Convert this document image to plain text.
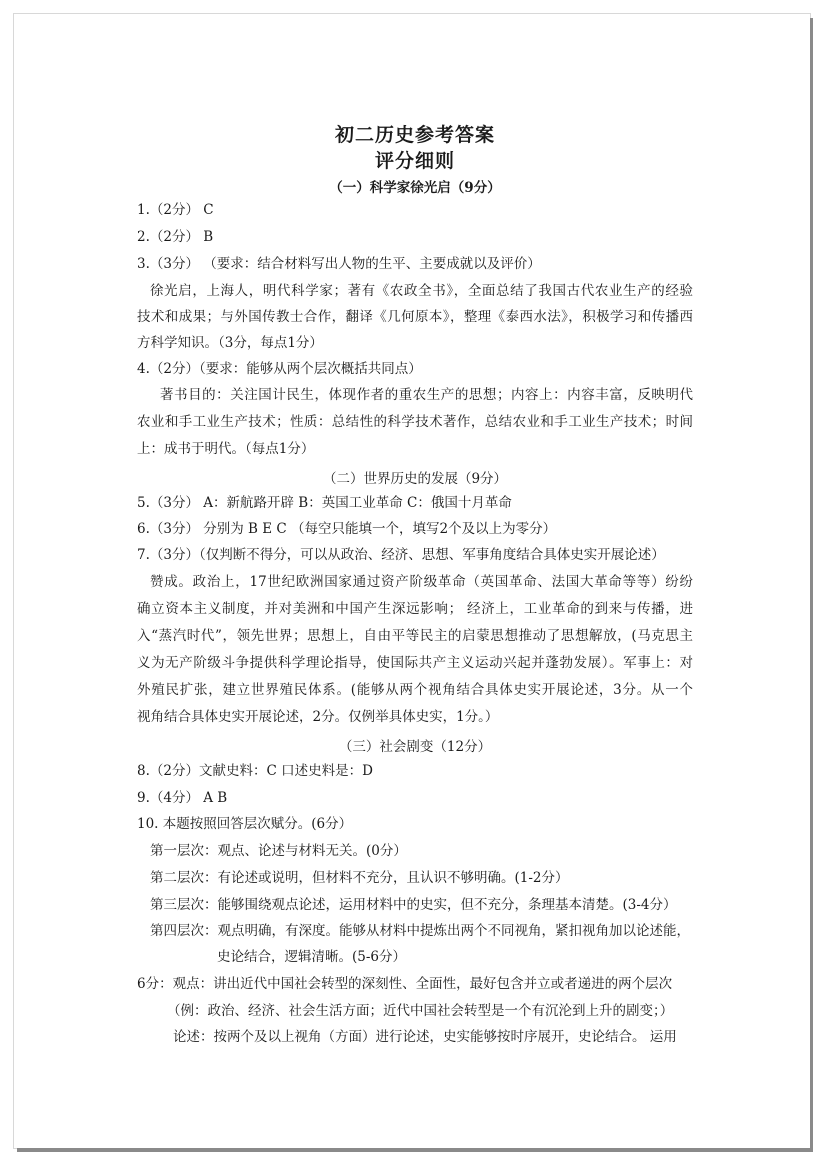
初二历史参考答案
评分细则
（一）科学家徐光启（9分）
1.（2分） C
2.（2分） B
3.（3分） （要求：结合材料写出人物的生平、主要成就以及评价）
徐光启，上海人，明代科学家；著有《农政全书》，全面总结了我国古代农业生产的经验
技术和成果；与外国传教士合作，翻译《几何原本》，整理《泰西水法》，积极学习和传播西
方科学知识。（3分，每点1分）
4.（2分）（要求：能够从两个层次概括共同点）
著书目的：关注国计民生，体现作者的重农生产的思想；内容上：内容丰富，反映明代
农业和手工业生产技术；性质：总结性的科学技术著作，总结农业和手工业生产技术；时间
上：成书于明代。（每点1分）
（二）世界历史的发展（9分）
5.（3分） A：新航路开辟 B：英国工业革命 C：俄国十月革命
6.（3分） 分别为 B E C （每空只能填一个，填写2个及以上为零分）
7.（3分）（仅判断不得分，可以从政治、经济、思想、军事角度结合具体史实开展论述）
赞成。政治上，17世纪欧洲国家通过资产阶级革命（英国革命、法国大革命等等）纷纷
确立资本主义制度，并对美洲和中国产生深远影响； 经济上，工业革命的到来与传播，进
入“蒸汽时代”，领先世界；思想上，自由平等民主的启蒙思想推动了思想解放，(马克思主
义为无产阶级斗争提供科学理论指导，使国际共产主义运动兴起并蓬勃发展）。军事上：对
外殖民扩张，建立世界殖民体系。(能够从两个视角结合具体史实开展论述，3分。从一个
视角结合具体史实开展论述，2分。仅例举具体史实，1分。）
（三）社会剧变（12分）
8.（2分）文献史料：C 口述史料是：D
9.（4分） A B
10. 本题按照回答层次赋分。(6分）
第一层次：观点、论述与材料无关。(0分）
第二层次：有论述或说明，但材料不充分，且认识不够明确。(1-2分）
第三层次：能够围绕观点论述，运用材料中的史实，但不充分，条理基本清楚。(3-4分）
第四层次：观点明确，有深度。能够从材料中提炼出两个不同视角，紧扣视角加以论述能，
史论结合，逻辑清晰。(5-6分）
6分：观点：讲出近代中国社会转型的深刻性、全面性，最好包含并立或者递进的两个层次
（例：政治、经济、社会生活方面；近代中国社会转型是一个有沉沦到上升的剧变；）
论述：按两个及以上视角（方面）进行论述，史实能够按时序展开，史论结合。 运用
